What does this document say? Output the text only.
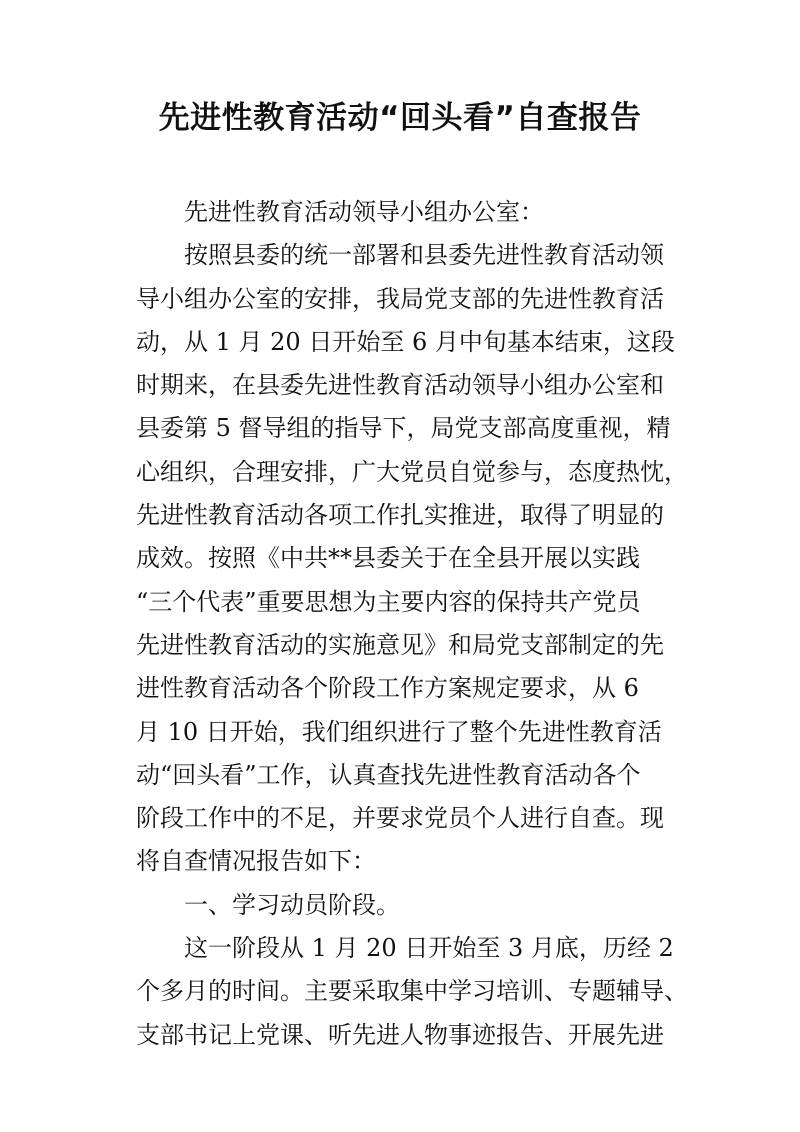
先进性教育活动“回头看”自查报告
先进性教育活动领导小组办公室：
按照县委的统一部署和县委先进性教育活动领
导小组办公室的安排，我局党支部的先进性教育活
动，从 1 月 20 日开始至 6 月中旬基本结束，这段
时期来，在县委先进性教育活动领导小组办公室和
县委第 5 督导组的指导下，局党支部高度重视，精
心组织，合理安排，广大党员自觉参与，态度热忱，
先进性教育活动各项工作扎实推进，取得了明显的
成效。按照《中共**县委关于在全县开展以实践
“三个代表”重要思想为主要内容的保持共产党员
先进性教育活动的实施意见》和局党支部制定的先
进性教育活动各个阶段工作方案规定要求，从 6
月 10 日开始，我们组织进行了整个先进性教育活
动“回头看”工作，认真查找先进性教育活动各个
阶段工作中的不足，并要求党员个人进行自查。现
将自查情况报告如下：
一、学习动员阶段。
这一阶段从 1 月 20 日开始至 3 月底，历经 2
个多月的时间。主要采取集中学习培训、专题辅导、
支部书记上党课、听先进人物事迹报告、开展先进
